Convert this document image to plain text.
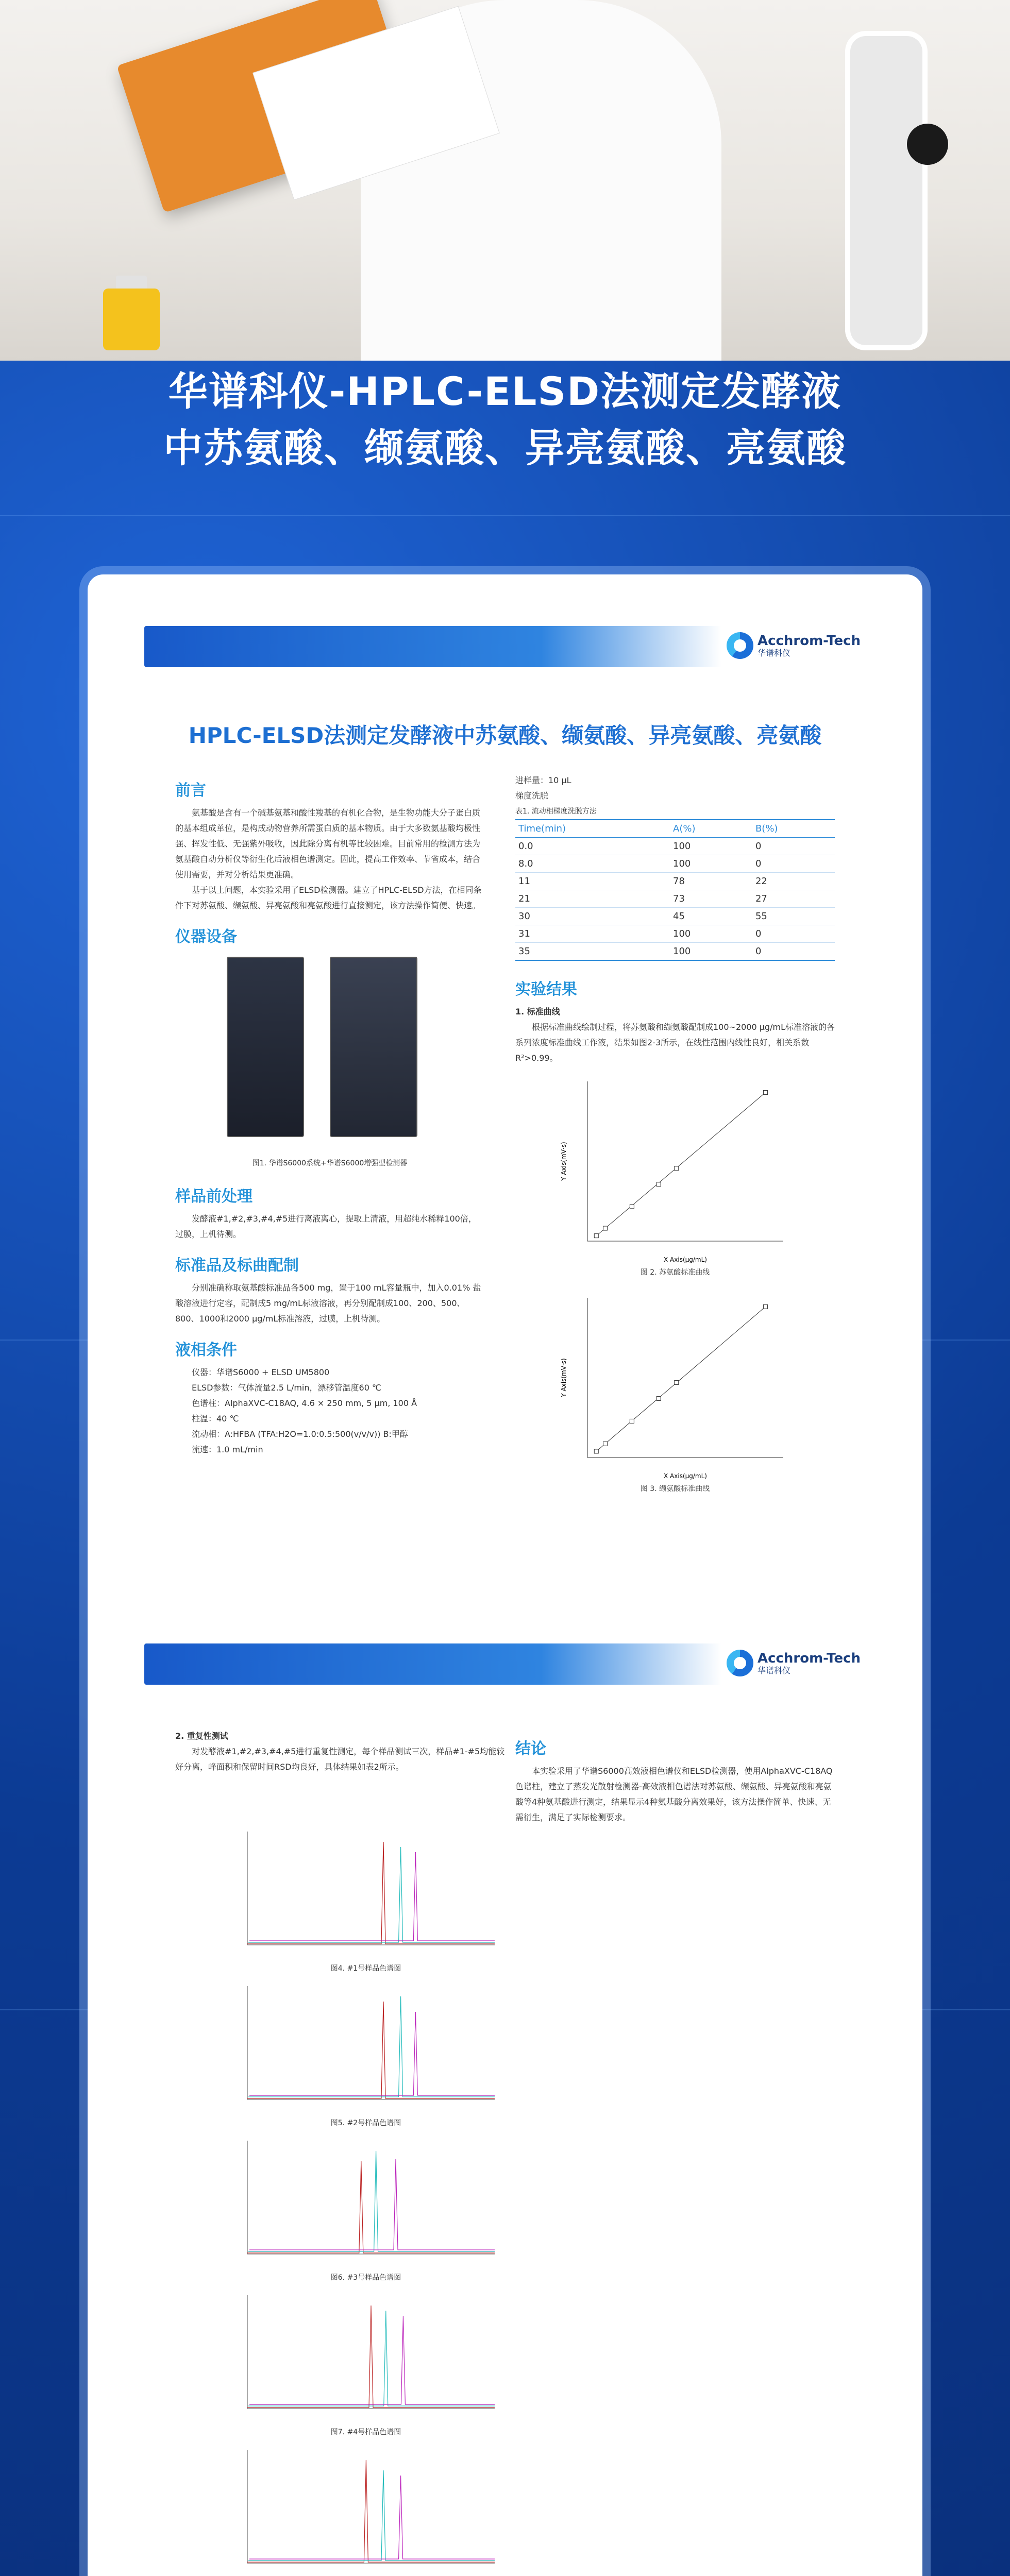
华谱科仪-HPLC-ELSD法测定发酵液
中苏氨酸、缬氨酸、异亮氨酸、亮氨酸
Acchrom-Tech
华谱科仪
HPLC-ELSD法测定发酵液中苏氨酸、缬氨酸、异亮氨酸、亮氨酸
前言

氨基酸是含有一个碱基氨基和酸性羧基的有机化合物，是生物功能大分子蛋白质的基本组成单位，是构成动物营养所需蛋白质的基本物质。由于大多数氨基酸均极性强、挥发性低、无强紫外吸收，因此除分离有机等比较困难。目前常用的检测方法为氨基酸自动分析仪等衍生化后液相色谱测定。因此，提高工作效率、节省成本，结合使用需要，并对分析结果更准确。

基于以上问题，本实验采用了ELSD检测器。建立了HPLC-ELSD方法，在相同条件下对苏氨酸、缬氨酸、异亮氨酸和亮氨酸进行直接测定，该方法操作简便、快速。

仪器设备
图1. 华谱S6000系统+华谱S6000增强型检测器
样品前处理

发酵液#1,#2,#3,#4,#5进行离液离心，提取上清液，用超纯水稀释100倍，过膜，上机待测。

标准品及标曲配制

分别准确称取氨基酸标准品各500 mg，置于100 mL容量瓶中，加入0.01% 盐酸溶液进行定容，配制成5 mg/mL标液溶液，再分别配制成100、200、500、800、1000和2000 μg/mL标准溶液，过膜，上机待测。

液相条件

仪器：华谱S6000 + ELSD UM5800

ELSD参数：气体流量2.5 L/min，漂移管温度60 ℃

色谱柱：AlphaXVC-C18AQ, 4.6 × 250 mm, 5 μm, 100 Å

柱温：40 ℃

流动相：A:HFBA (TFA:H2O=1.0:0.5:500(v/v/v)) B:甲醇

流速：1.0 mL/min

进样量：10 μL

梯度洗脱

表1. 流动相梯度洗脱方法

Time(min)	A(%)	B(%)
0.0	100	0
8.0	100	0
11	78	22
21	73	27
30	45	55
31	100	0
35	100	0
实验结果

1. 标准曲线

根据标准曲线绘制过程，将苏氨酸和缬氨酸配制成100~2000 μg/mL标准溶液的各系列浓度标准曲线工作液，结果如图2-3所示，在线性范围内线性良好，相关系数R²>0.99。

X Axis(μg/mL)
Y Axis(mV·s)
图 2. 苏氨酸标准曲线
X Axis(μg/mL)
Y Axis(mV·s)
图 3. 缬氨酸标准曲线
Acchrom-Tech
华谱科仪

2. 重复性测试

对发酵液#1,#2,#3,#4,#5进行重复性测定，每个样品测试三次，样品#1-#5均能较好分离，峰面积和保留时间RSD均良好，具体结果如表2所示。

结论

本实验采用了华谱S6000高效液相色谱仪和ELSD检测器，使用AlphaXVC-C18AQ色谱柱，建立了蒸发光散射检测器-高效液相色谱法对苏氨酸、缬氨酸、异亮氨酸和亮氨酸等4种氨基酸进行测定，结果显示4种氨基酸分离效果好，该方法操作简单、快速、无需衍生，满足了实际检测要求。

图4. #1号样品色谱图
图5. #2号样品色谱图
图6. #3号样品色谱图
图7. #4号样品色谱图
